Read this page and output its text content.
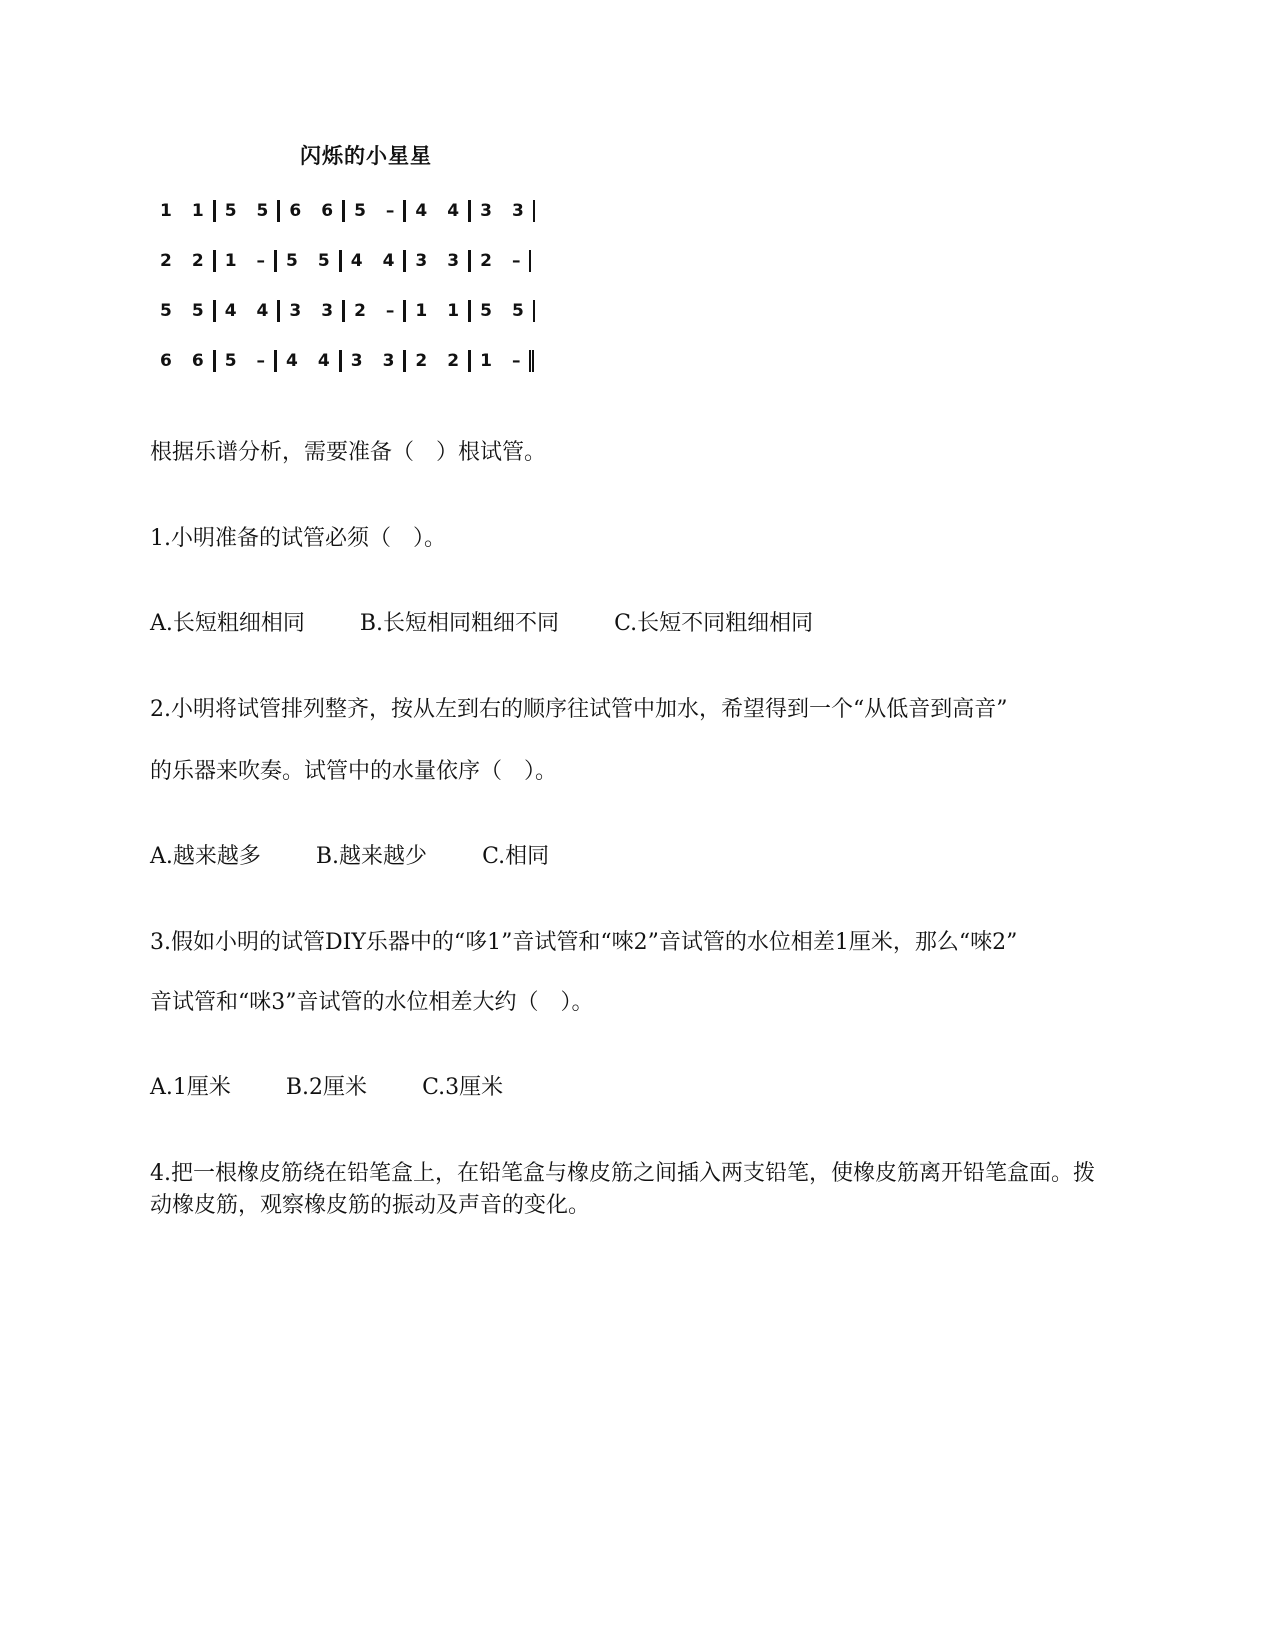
闪烁的小星星
1 1 5 5 6 6 5 – 4 4 3 3
2 2 1 – 5 5 4 4 3 3 2 –
5 5 4 4 3 3 2 – 1 1 5 5
6 6 5 – 4 4 3 3 2 2 1 –
根据乐谱分析，需要准备（　）根试管。
1.小明准备的试管必须（　）。
A.长短粗细相同	B.长短相同粗细不同	C.长短不同粗细相同
2.小明将试管排列整齐，按从左到右的顺序往试管中加水，希望得到一个“从低音到高音”
的乐器来吹奏。试管中的水量依序（　）。
A.越来越多	B.越来越少	C.相同
3.假如小明的试管DIY乐器中的“哆1”音试管和“唻2”音试管的水位相差1厘米，那么“唻2”
音试管和“咪3”音试管的水位相差大约（　）。
A.1厘米	B.2厘米	C.3厘米
4.把一根橡皮筋绕在铅笔盒上，在铅笔盒与橡皮筋之间插入两支铅笔，使橡皮筋离开铅笔盒面。拨动橡皮筋，观察橡皮筋的振动及声音的变化。
